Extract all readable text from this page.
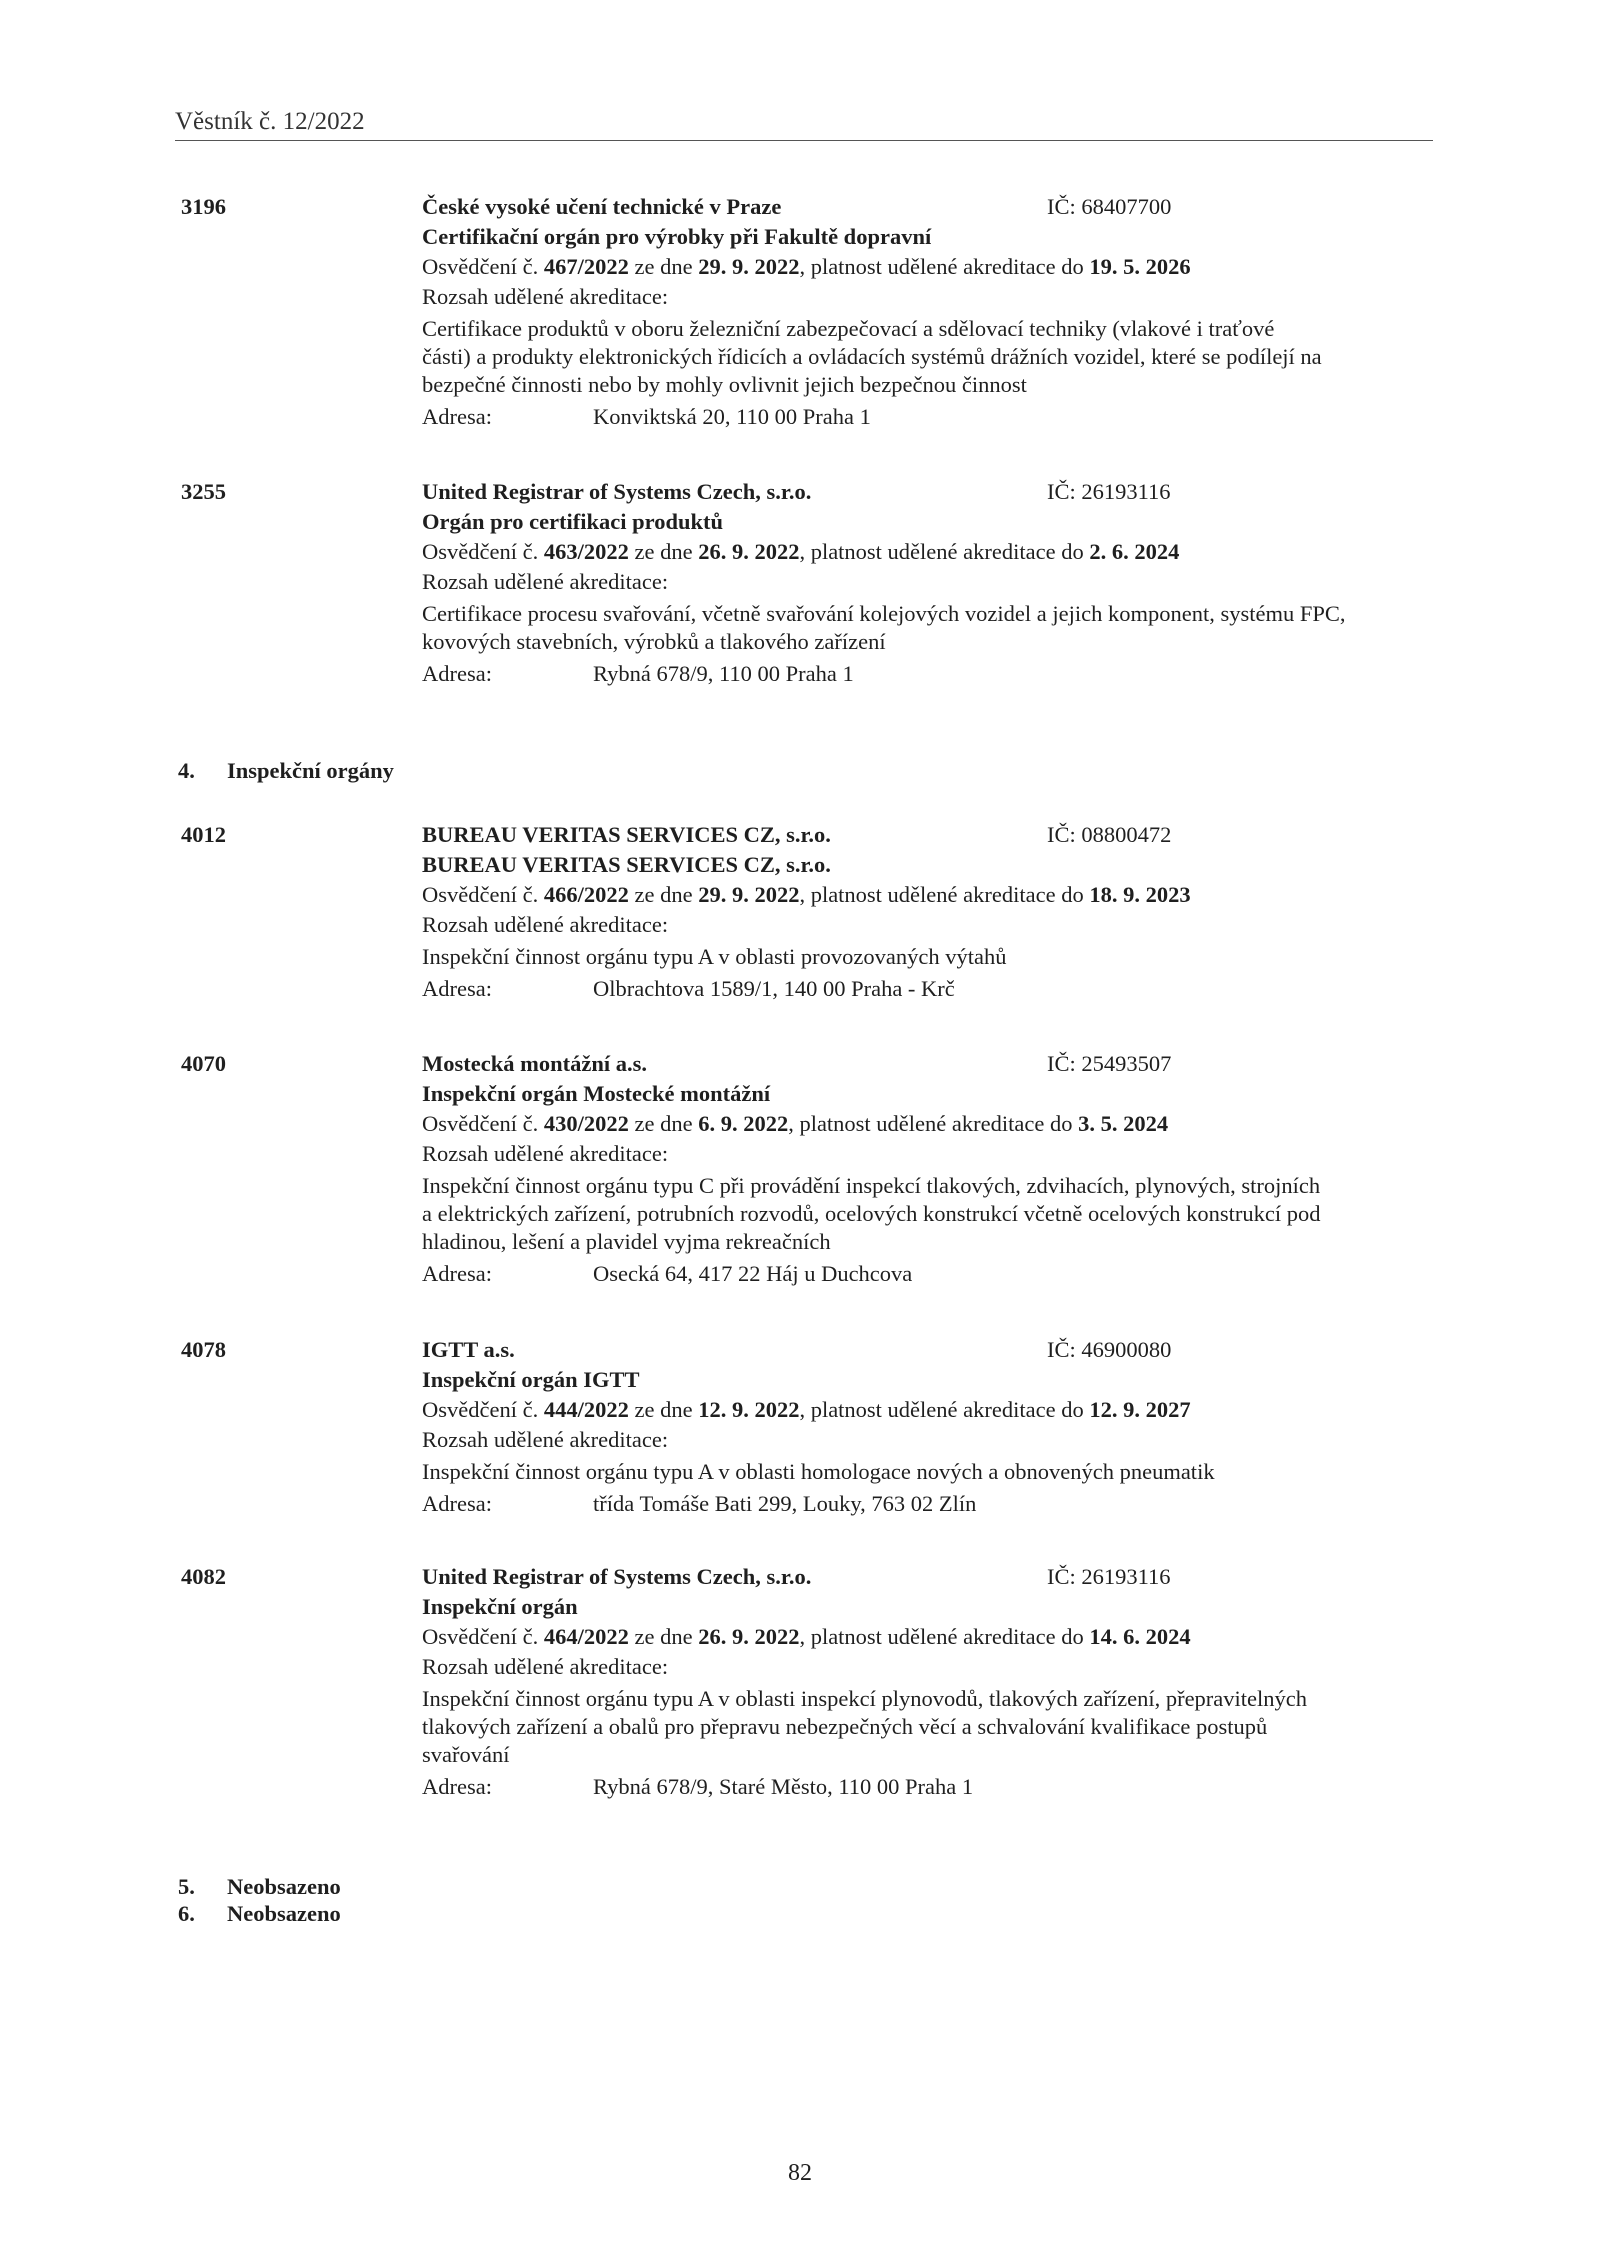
Věstník č. 12/2022
3196	České vysoké učení technické v Praze	IČ: 68407700
Certifikační orgán pro výrobky při Fakultě dopravní
Osvědčení č. 467/2022 ze dne 29. 9. 2022, platnost udělené akreditace do 19. 5. 2026
Rozsah udělené akreditace:
Certifikace produktů v oboru železniční zabezpečovací a sdělovací techniky (vlakové i traťové
části) a produkty elektronických řídicích a ovládacích systémů drážních vozidel, které se podílejí na
bezpečné činnosti nebo by mohly ovlivnit jejich bezpečnou činnost
Adresa:	Konviktská 20, 110 00 Praha 1
3255	United Registrar of Systems Czech, s.r.o.	IČ: 26193116
Orgán pro certifikaci produktů
Osvědčení č. 463/2022 ze dne 26. 9. 2022, platnost udělené akreditace do 2. 6. 2024
Rozsah udělené akreditace:
Certifikace procesu svařování, včetně svařování kolejových vozidel a jejich komponent, systému FPC,
kovových stavebních, výrobků a tlakového zařízení
Adresa:	Rybná 678/9, 110 00 Praha 1
4. Inspekční orgány
4012	BUREAU VERITAS SERVICES CZ, s.r.o.	IČ: 08800472
BUREAU VERITAS SERVICES CZ, s.r.o.
Osvědčení č. 466/2022 ze dne 29. 9. 2022, platnost udělené akreditace do 18. 9. 2023
Rozsah udělené akreditace:
Inspekční činnost orgánu typu A v oblasti provozovaných výtahů
Adresa:	Olbrachtova 1589/1, 140 00 Praha - Krč
4070	Mostecká montážní a.s.	IČ: 25493507
Inspekční orgán Mostecké montážní
Osvědčení č. 430/2022 ze dne 6. 9. 2022, platnost udělené akreditace do 3. 5. 2024
Rozsah udělené akreditace:
Inspekční činnost orgánu typu C při provádění inspekcí tlakových, zdvihacích, plynových, strojních
a elektrických zařízení, potrubních rozvodů, ocelových konstrukcí včetně ocelových konstrukcí pod
hladinou, lešení a plavidel vyjma rekreačních
Adresa:	Osecká 64, 417 22 Háj u Duchcova
4078	IGTT a.s.	IČ: 46900080
Inspekční orgán IGTT
Osvědčení č. 444/2022 ze dne 12. 9. 2022, platnost udělené akreditace do 12. 9. 2027
Rozsah udělené akreditace:
Inspekční činnost orgánu typu A v oblasti homologace nových a obnovených pneumatik
Adresa:	třída Tomáše Bati 299, Louky, 763 02 Zlín
4082	United Registrar of Systems Czech, s.r.o.	IČ: 26193116
Inspekční orgán
Osvědčení č. 464/2022 ze dne 26. 9. 2022, platnost udělené akreditace do 14. 6. 2024
Rozsah udělené akreditace:
Inspekční činnost orgánu typu A v oblasti inspekcí plynovodů, tlakových zařízení, přepravitelných
tlakových zařízení a obalů pro přepravu nebezpečných věcí a schvalování kvalifikace postupů
svařování
Adresa:	Rybná 678/9, Staré Město, 110 00 Praha 1
5. Neobsazeno
6. Neobsazeno
82
